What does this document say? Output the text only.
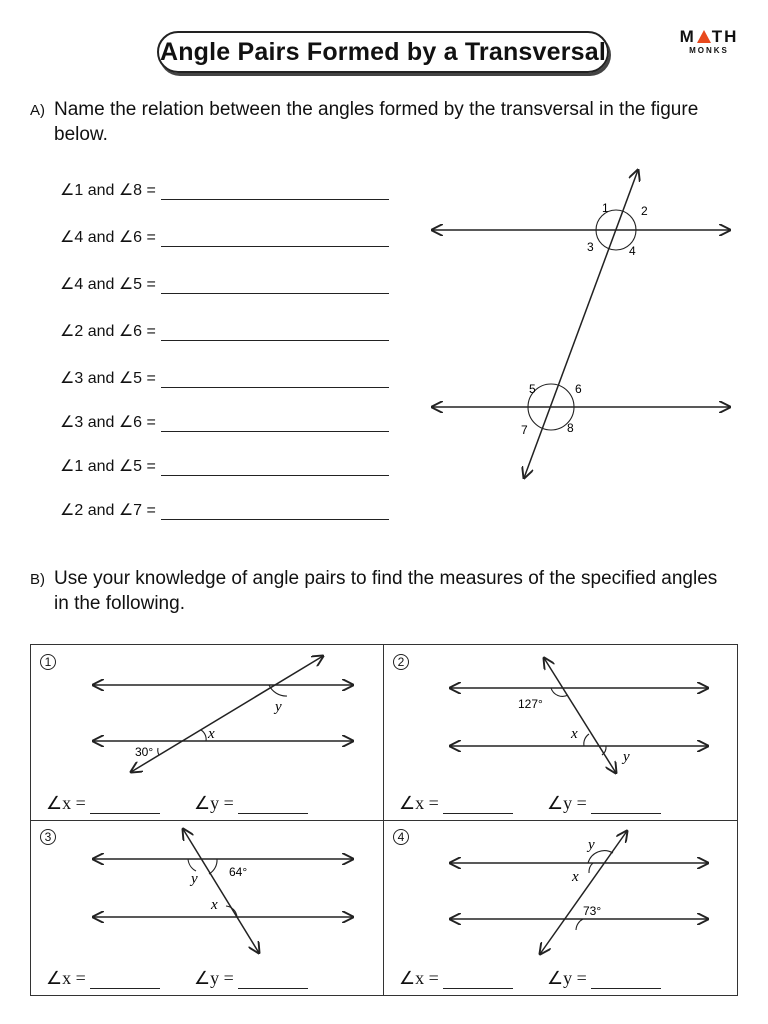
Angle Pairs Formed by a Transversal
M TH
MONKS
A) Name the relation between the angles formed by the transversal in the figure below.
∠1 and ∠8 =
∠4 and ∠6 =
∠4 and ∠5 =
∠2 and ∠6 =
∠3 and ∠5 =
∠3 and ∠6 =
∠1 and ∠5 =
∠2 and ∠7 =
1	2
3	4
5	6
7	8
B) Use your knowledge of angle pairs to find the measures of the specified angles in the following.
1
y
x
30°
∠x =	∠y =
2
127°
x
y
∠x =	∠y =
3
y	64°
x
∠x =	∠y =
4	y
x
73°
∠x =	∠y =
